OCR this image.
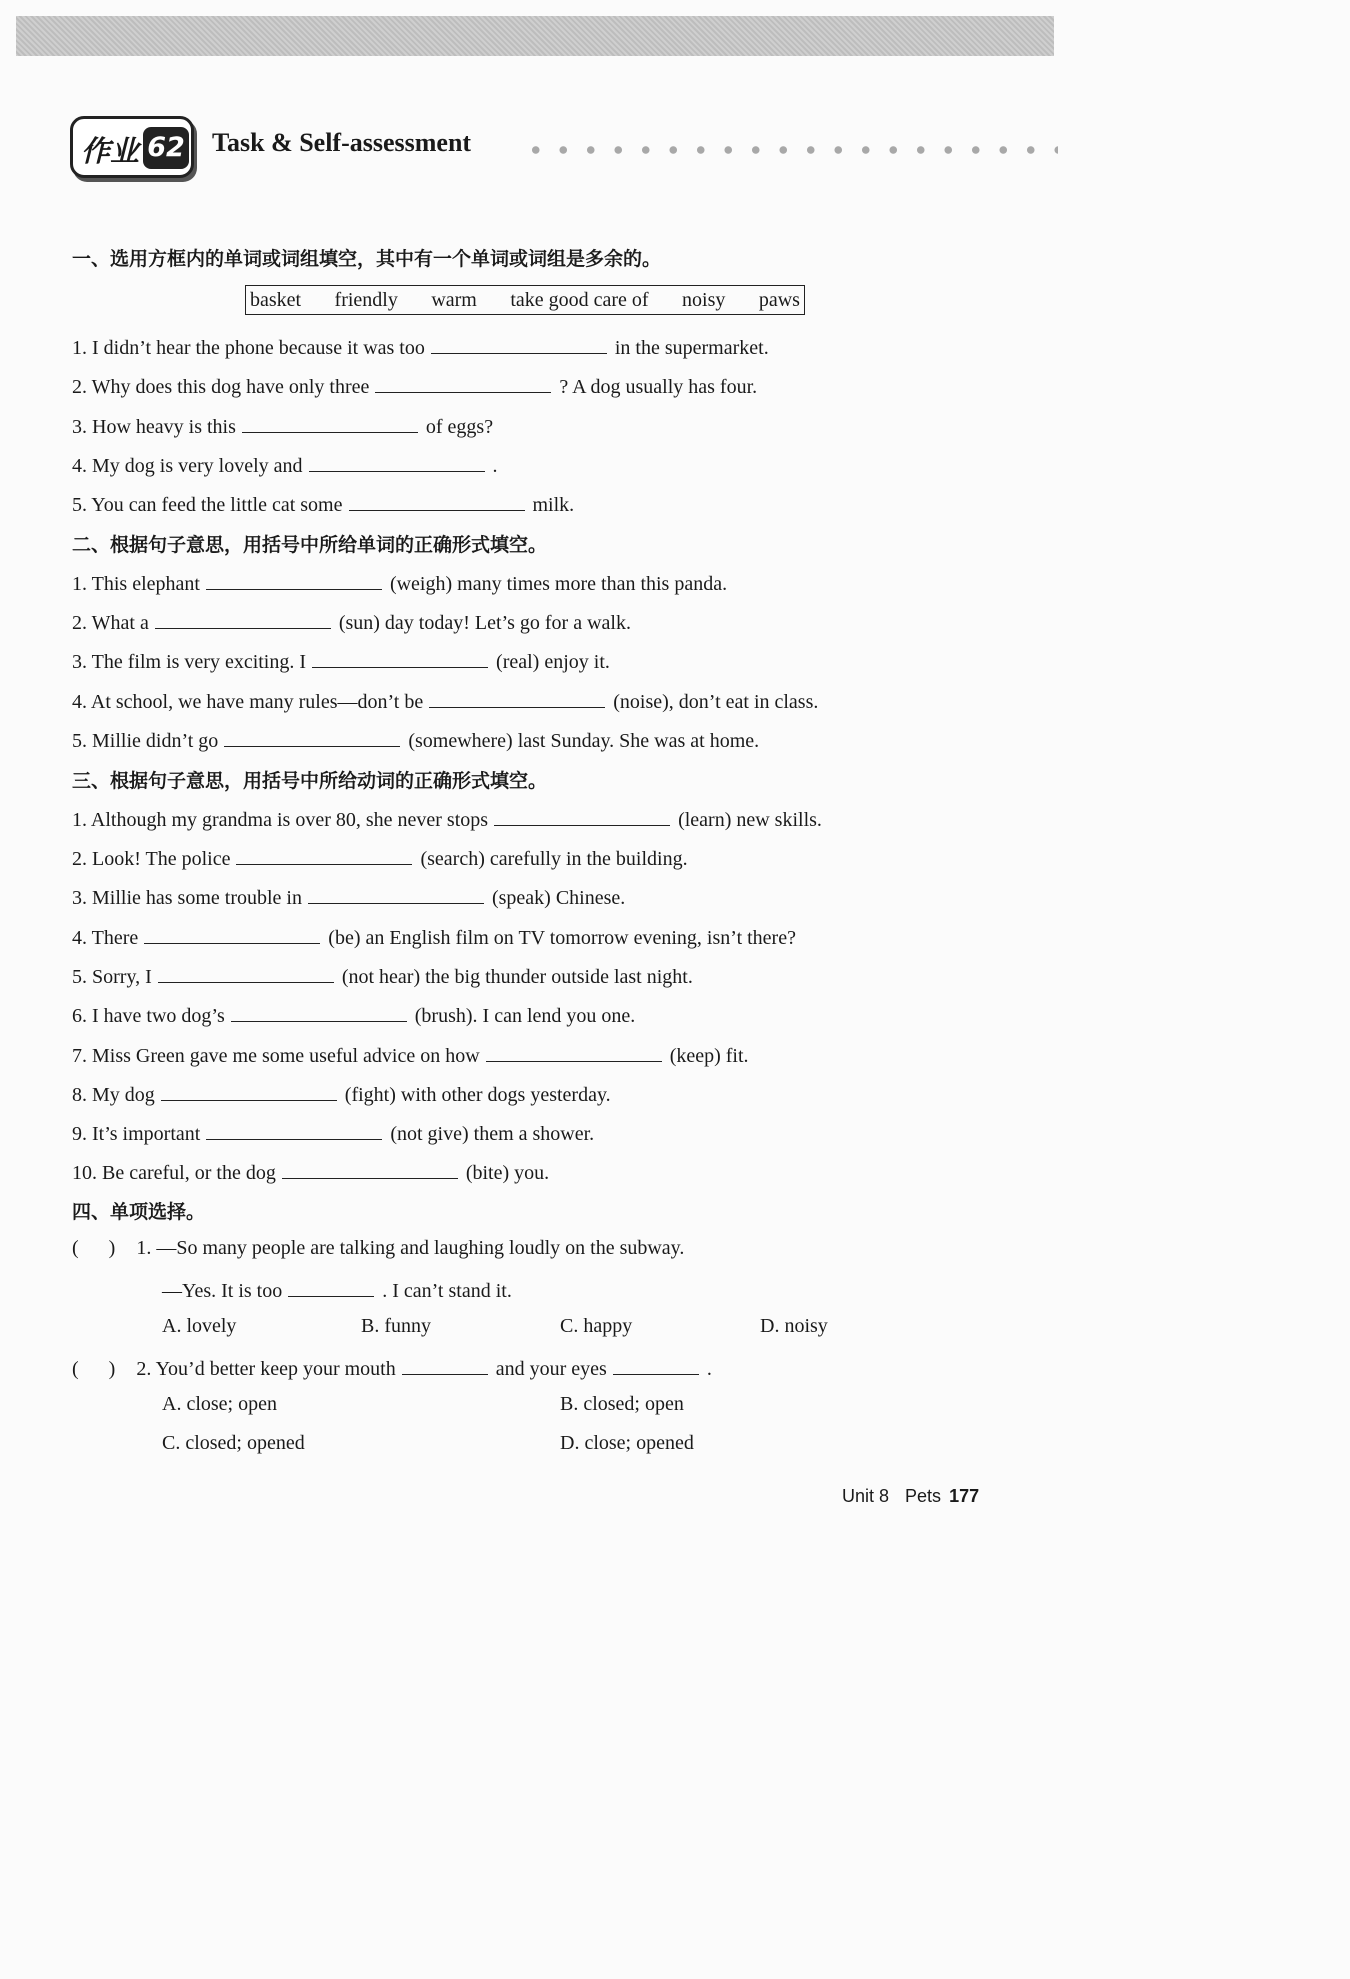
作业 62 Task & Self-assessment
一、选用方框内的单词或词组填空，其中有一个单词或词组是多余的。
basket friendly warm take good care of noisy paws
1. I didn’t hear the phone because it was too	in the supermarket.
2. Why does this dog have only three	? A dog usually has four.
3. How heavy is this	of eggs?
4. My dog is very lovely and	.
5. You can feed the little cat some	milk.
二、根据句子意思，用括号中所给单词的正确形式填空。
1. This elephant	(weigh) many times more than this panda.
2. What a	(sun) day today! Let’s go for a walk.
3. The film is very exciting. I	(real) enjoy it.
4. At school, we have many rules—don’t be	(noise), don’t eat in class.
5. Millie didn’t go	(somewhere) last Sunday. She was at home.
三、根据句子意思，用括号中所给动词的正确形式填空。
1. Although my grandma is over 80, she never stops	(learn) new skills.
2. Look! The police	(search) carefully in the building.
3. Millie has some trouble in	(speak) Chinese.
4. There	(be) an English film on TV tomorrow evening, isn’t there?
5. Sorry, I	(not hear) the big thunder outside last night.
6. I have two dog’s	(brush). I can lend you one.
7. Miss Green gave me some useful advice on how	(keep) fit.
8. My dog	(fight) with other dogs yesterday.
9. It’s important	(not give) them a shower.
10. Be careful, or the dog	(bite) you.
四、单项选择。
(      ) 1. —So many people are talking and laughing loudly on the subway.
—Yes. It is too	. I can’t stand it.
A. lovely	B. funny	C. happy	D. noisy
(      ) 2. You’d better keep your mouth	and your eyes	.
A. close; open	B. closed; open
C. closed; opened	D. close; opened
Unit 8 Pets 177
